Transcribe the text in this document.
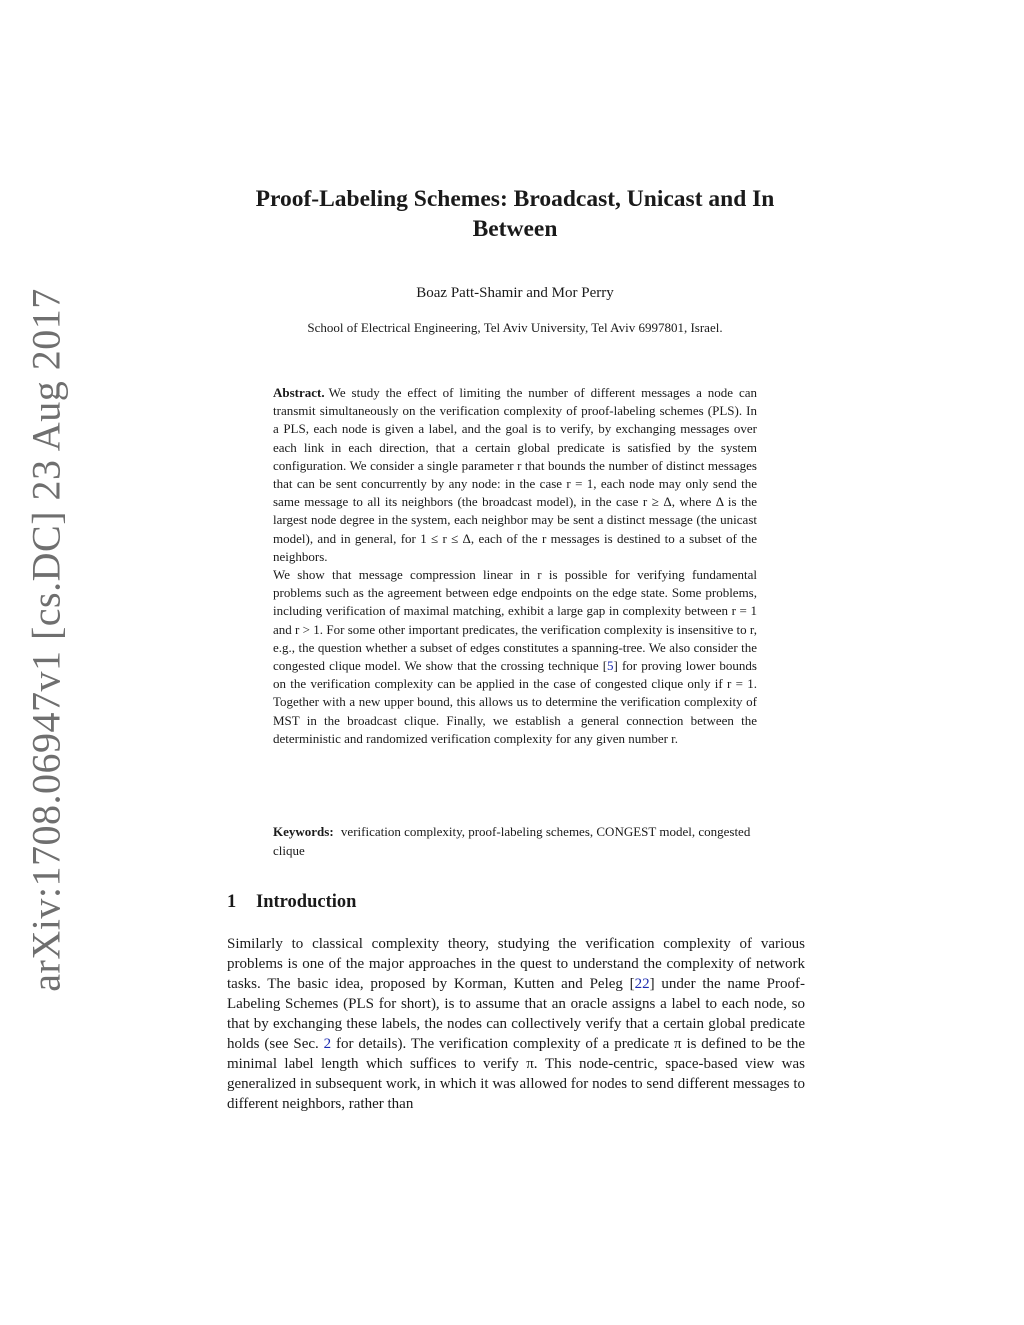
arXiv:1708.06947v1 [cs.DC] 23 Aug 2017
Proof-Labeling Schemes: Broadcast, Unicast and In Between
Boaz Patt-Shamir and Mor Perry
School of Electrical Engineering, Tel Aviv University, Tel Aviv 6997801, Israel.

Abstract. We study the effect of limiting the number of different messages a node can transmit simultaneously on the verification complexity of proof-labeling schemes (PLS). In a PLS, each node is given a label, and the goal is to verify, by exchanging messages over each link in each direction, that a certain global predicate is satisfied by the system configuration. We consider a single parameter r that bounds the number of distinct messages that can be sent concurrently by any node: in the case r = 1, each node may only send the same message to all its neighbors (the broadcast model), in the case r ≥ Δ, where Δ is the largest node degree in the system, each neighbor may be sent a distinct message (the unicast model), and in general, for 1 ≤ r ≤ Δ, each of the r messages is destined to a subset of the neighbors.

We show that message compression linear in r is possible for verifying fundamental problems such as the agreement between edge endpoints on the edge state. Some problems, including verification of maximal matching, exhibit a large gap in complexity between r = 1 and r > 1. For some other important predicates, the verification complexity is insensitive to r, e.g., the question whether a subset of edges constitutes a spanning-tree. We also consider the congested clique model. We show that the crossing technique [5] for proving lower bounds on the verification complexity can be applied in the case of congested clique only if r = 1. Together with a new upper bound, this allows us to determine the verification complexity of MST in the broadcast clique. Finally, we establish a general connection between the deterministic and randomized verification complexity for any given number r.

Keywords: verification complexity, proof-labeling schemes, CONGEST model, congested clique
1 Introduction

Similarly to classical complexity theory, studying the verification complexity of various problems is one of the major approaches in the quest to understand the complexity of network tasks. The basic idea, proposed by Korman, Kutten and Peleg [22] under the name Proof-Labeling Schemes (PLS for short), is to assume that an oracle assigns a label to each node, so that by exchanging these labels, the nodes can collectively verify that a certain global predicate holds (see Sec. 2 for details). The verification complexity of a predicate π is defined to be the minimal label length which suffices to verify π. This node-centric, space-based view was generalized in subsequent work, in which it was allowed for nodes to send different messages to different neighbors, rather than
